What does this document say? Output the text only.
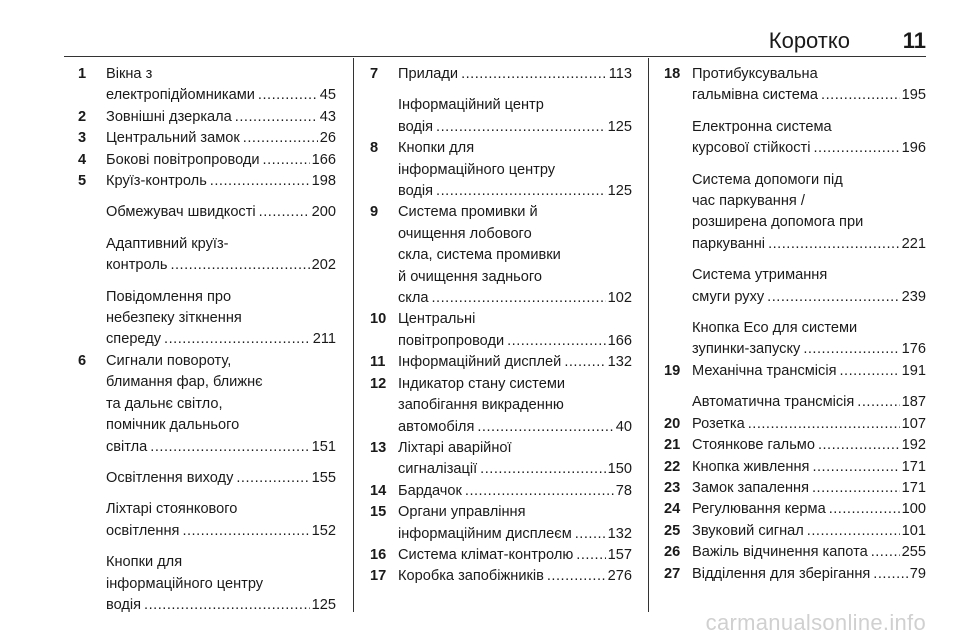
Коротко 11
1 Вікна з
електропідйомниками .....	45
2 Зовнішні дзеркала .....	43
3 Центральний замок .....	26
4 Бокові повітропроводи .....	166
5 Круїз-контроль .....	198
Обмежувач швидкості .....	200
Адаптивний круїз-
контроль .....	202
Повідомлення про
небезпеку зіткнення
спереду .....	211
6 Сигнали повороту,
блимання фар, ближнє
та дальнє світло,
помічник дальнього
світла .....	151
Освітлення виходу .....	155
Ліхтарі стоянкового
освітлення .....	152
Кнопки для
інформаційного центру
водія .....	125
7 Прилади .....	113
Інформаційний центр
водія .....	125
8 Кнопки для
інформаційного центру
водія .....	125
9 Система промивки й
очищення лобового
скла, система промивки
й очищення заднього
скла .....	102
10 Центральні
повітропроводи .....	166
11 Інформаційний дисплей .....	132
12 Індикатор стану системи
запобігання викраденню
автомобіля .....	40
13 Ліхтарі аварійної
сигналізації .....	150
14 Бардачок .....	78
15 Органи управління
інформаційним дисплеєм ..... 132
16 Система клімат-контролю ..... 157
17 Коробка запобіжників .....	276
18 Протибуксувальна
гальмівна система .....	195
Електронна система
курсової стійкості .....	196
Система допомоги під
час паркування /
розширена допомога при
паркуванні .....	221
Система утримання
смуги руху .....	239
Кнопка Eco для системи
зупинки-запуску .....	176
19 Механічна трансмісія .....	191
Автоматична трансмісія .....	187
20 Розетка .....	107
21 Стоянкове гальмо .....	192
22 Кнопка живлення .....	171
23 Замок запалення .....	171
24 Регулювання керма .....	100
25 Звуковий сигнал .....	101
26 Важіль відчинення капота ..... 255
27 Відділення для зберігання .....	79
carmanualsonline.info
